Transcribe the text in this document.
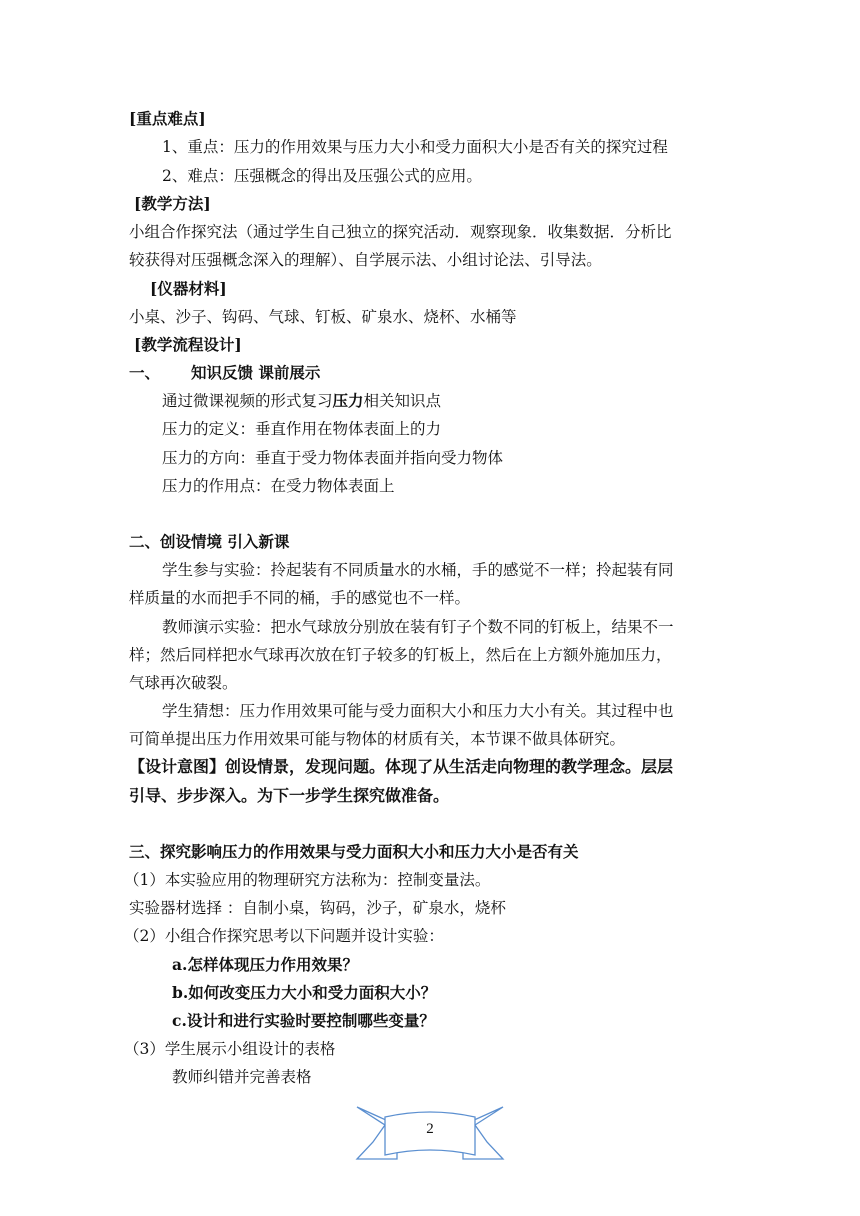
[重点难点]
1、重点：压力的作用效果与压力大小和受力面积大小是否有关的探究过程
2、难点：压强概念的得出及压强公式的应用。
[教学方法]
小组合作探究法（通过学生自己独立的探究活动．观察现象．收集数据．分析比
较获得对压强概念深入的理解）、自学展示法、小组讨论法、引导法。
[仪器材料]
小桌、沙子、钩码、气球、钉板、矿泉水、烧杯、水桶等
[教学流程设计]
一、 知识反馈 课前展示
通过微课视频的形式复习压力相关知识点
压力的定义：垂直作用在物体表面上的力
压力的方向：垂直于受力物体表面并指向受力物体
压力的作用点：在受力物体表面上
二、创设情境 引入新课
学生参与实验：拎起装有不同质量水的水桶，手的感觉不一样；拎起装有同
样质量的水而把手不同的桶，手的感觉也不一样。
教师演示实验：把水气球放分别放在装有钉子个数不同的钉板上，结果不一
样；然后同样把水气球再次放在钉子较多的钉板上，然后在上方额外施加压力，
气球再次破裂。
学生猜想：压力作用效果可能与受力面积大小和压力大小有关。其过程中也
可简单提出压力作用效果可能与物体的材质有关，本节课不做具体研究。
【设计意图】创设情景，发现问题。体现了从生活走向物理的教学理念。层层
引导、步步深入。为下一步学生探究做准备。
三、探究影响压力的作用效果与受力面积大小和压力大小是否有关
（1）本实验应用的物理研究方法称为：控制变量法。
实验器材选择 ：自制小桌，钩码，沙子，矿泉水，烧杯
（2）小组合作探究思考以下问题并设计实验：
a.怎样体现压力作用效果？
b.如何改变压力大小和受力面积大小？
c.设计和进行实验时要控制哪些变量？
（3）学生展示小组设计的表格
教师纠错并完善表格
2
